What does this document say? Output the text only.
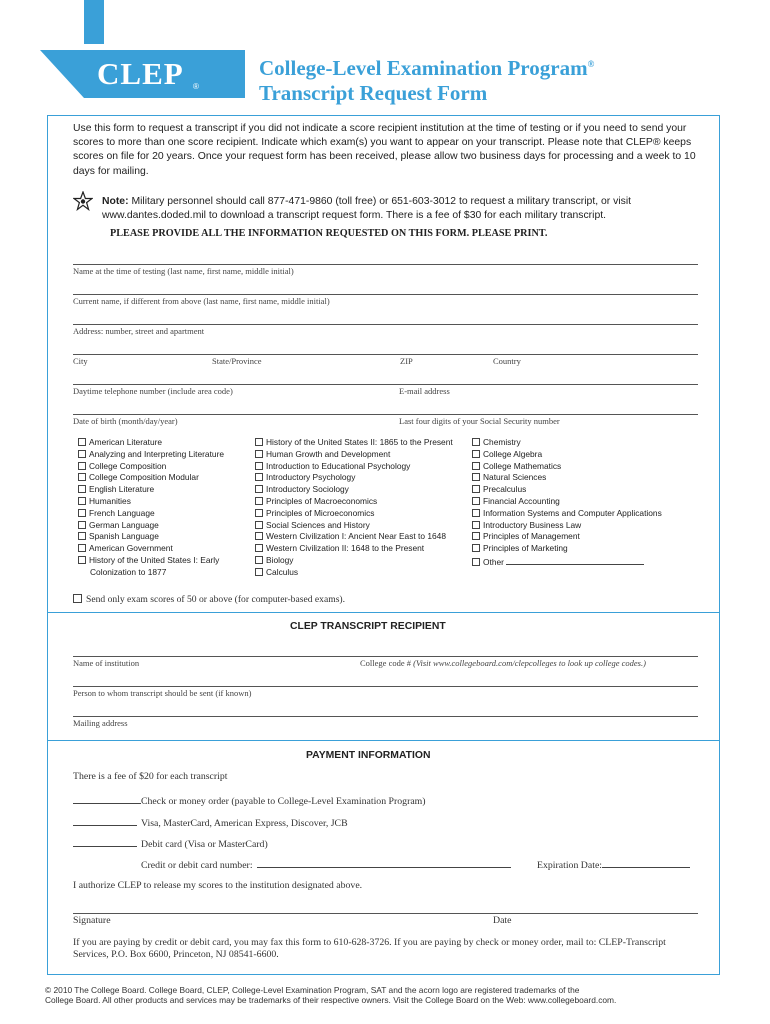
CLEP ®
College-Level Examination Program®
Transcript Request Form
Use this form to request a transcript if you did not indicate a score recipient institution at the time of testing or if you need to send your scores to more than one score recipient. Indicate which exam(s) you want to appear on your transcript. Please note that CLEP® keeps scores on file for 20 years. Once your request form has been received, please allow two business days for processing and a week to 10 days for mailing.
Note: Military personnel should call 877-471-9860 (toll free) or 651-603-3012 to request a military transcript, or visit www.dantes.doded.mil to download a transcript request form. There is a fee of $30 for each military transcript.
PLEASE PROVIDE ALL THE INFORMATION REQUESTED ON THIS FORM. PLEASE PRINT.
Name at the time of testing (last name, first name, middle initial)
Current name, if different from above (last name, first name, middle initial)
Address: number, street and apartment
City	State/Province	ZIP	Country
Daytime telephone number (include area code)	E-mail address
Date of birth (month/day/year)	Last four digits of your Social Security number
American Literature
Analyzing and Interpreting Literature
College Composition
College Composition Modular
English Literature
Humanities
French Language
German Language
Spanish Language
American Government
History of the United States I: Early
Colonization to 1877
History of the United States II: 1865 to the Present
Human Growth and Development
Introduction to Educational Psychology
Introductory Psychology
Introductory Sociology
Principles of Macroeconomics
Principles of Microeconomics
Social Sciences and History
Western Civilization I: Ancient Near East to 1648
Western Civilization II: 1648 to the Present
Biology
Calculus
Chemistry
College Algebra
College Mathematics
Natural Sciences
Precalculus
Financial Accounting
Information Systems and Computer Applications
Introductory Business Law
Principles of Management
Principles of Marketing
Other
Send only exam scores of 50 or above (for computer-based exams).
CLEP TRANSCRIPT RECIPIENT
Name of institution	College code # (Visit www.collegeboard.com/clepcolleges to look up college codes.)
Person to whom transcript should be sent (if known)
Mailing address
PAYMENT INFORMATION
There is a fee of $20 for each transcript
Check or money order (payable to College-Level Examination Program)
Visa, MasterCard, American Express, Discover, JCB
Debit card (Visa or MasterCard)
Credit or debit card number:	Expiration Date:
I authorize CLEP to release my scores to the institution designated above.
Signature	Date
If you are paying by credit or debit card, you may fax this form to 610-628-3726. If you are paying by check or money order, mail to: CLEP-Transcript Services, P.O. Box 6600, Princeton, NJ 08541-6600.
© 2010 The College Board. College Board, CLEP, College-Level Examination Program, SAT and the acorn logo are registered trademarks of the
College Board. All other products and services may be trademarks of their respective owners. Visit the College Board on the Web: www.collegeboard.com.
